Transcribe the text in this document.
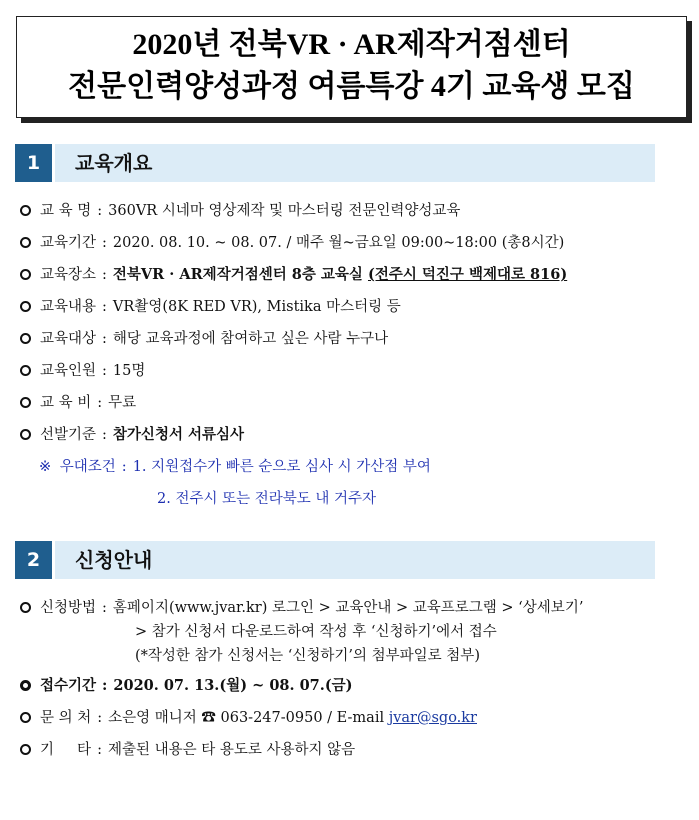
2020년 전북VR · AR제작거점센터
전문인력양성과정 여름특강 4기 교육생 모집
1	교육개요
교 육 명 : 360VR 시네마 영상제작 및 마스터링 전문인력양성교육
교육기간 : 2020. 08. 10. ~ 08. 07. / 매주 월~금요일 09:00∼18:00 (총8시간)
교육장소 : 전북VR · AR제작거점센터 8층 교육실 (전주시 덕진구 백제대로 816)
교육내용 : VR촬영(8K RED VR), Mistika 마스터링 등
교육대상 : 해당 교육과정에 참여하고 싶은 사람 누구나
교육인원 : 15명
교 육 비 : 무료
선발기준 : 참가신청서 서류심사
※ 우대조건 : 1. 지원접수가 빠른 순으로 심사 시 가산점 부여
2. 전주시 또는 전라북도 내 거주자
2	신청안내
신청방법 : 홈페이지(www.jvar.kr) 로그인 > 교육안내 > 교육프로그램 > ‘상세보기’
> 참가 신청서 다운로드하여 작성 후 ‘신청하기’에서 접수
(*작성한 참가 신청서는 ‘신청하기’의 첨부파일로 첨부)
접수기간 : 2020. 07. 13.(월) ~ 08. 07.(금)
문 의 처 : 소은영 매니저 ☎ 063-247-0950 / E-mail jvar@sgo.kr
기     타 : 제출된 내용은 타 용도로 사용하지 않음
